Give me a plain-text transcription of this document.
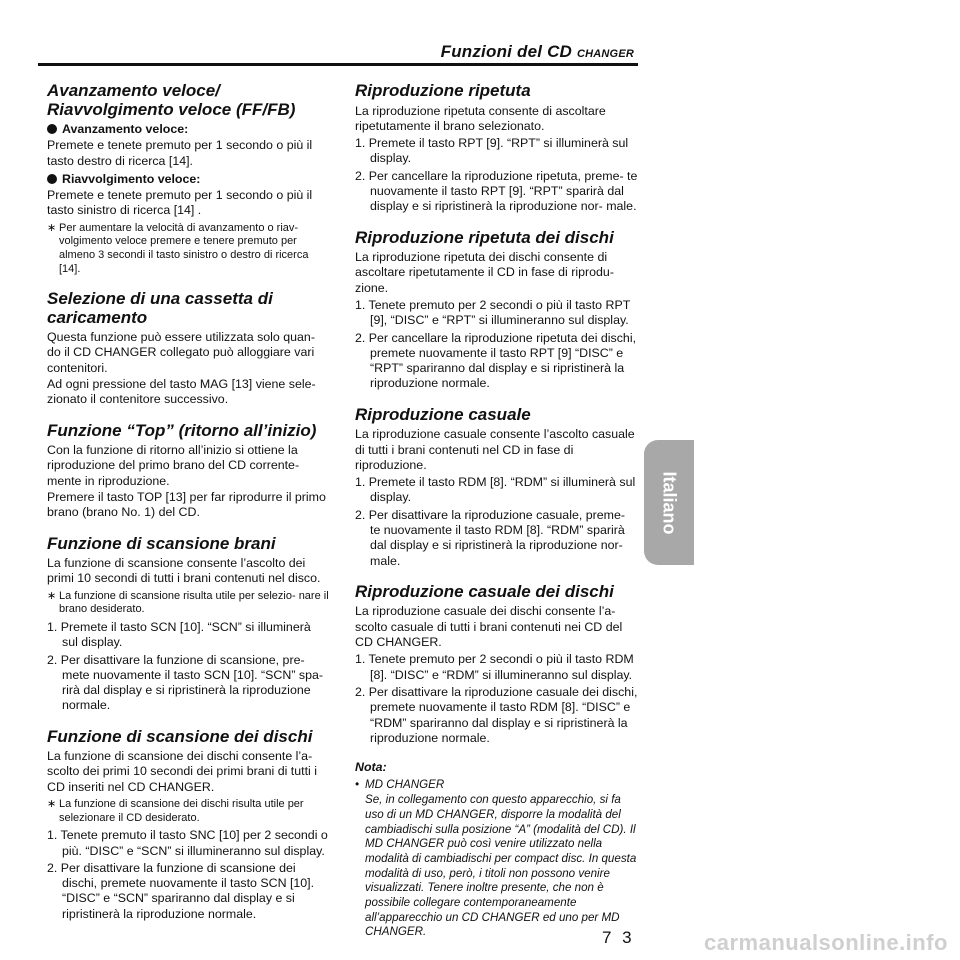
Funzioni del CD CHANGER
Avanzamento veloce/ Riavvolgimento veloce (FF/FB)
Avanzamento veloce:

Premete e tenete premuto per 1 secondo o più il tasto destro di ricerca [14].

Riavvolgimento veloce:

Premete e tenete premuto per 1 secondo o più il tasto sinistro di ricerca [14] .

∗ Per aumentare la velocità di avanzamento o riav- volgimento veloce premere e tenere premuto per almeno 3 secondi il tasto sinistro o destro di ricerca [14].
Selezione di una cassetta di caricamento

Questa funzione può essere utilizzata solo quan- do il CD CHANGER collegato può alloggiare vari contenitori.

Ad ogni pressione del tasto MAG [13] viene sele- zionato il contenitore successivo.

Funzione “Top” (ritorno all’inizio)

Con la funzione di ritorno all’inizio si ottiene la riproduzione del primo brano del CD corrente- mente in riproduzione.

Premere il tasto TOP [13] per far riprodurre il primo brano (brano No. 1) del CD.

Funzione di scansione brani

La funzione di scansione consente l’ascolto dei primi 10 secondi di tutti i brani contenuti nel disco.

∗ La funzione di scansione risulta utile per selezio- nare il brano desiderato.
1. Premete il tasto SCN [10]. “SCN” si illuminerà sul display.
2. Per disattivare la funzione di scansione, pre- mete nuovamente il tasto SCN [10]. “SCN” spa- rirà dal display e si ripristinerà la riproduzione normale.
Funzione di scansione dei dischi

La funzione di scansione dei dischi consente l’a- scolto dei primi 10 secondi dei primi brani di tutti i CD inseriti nel CD CHANGER.

∗ La funzione di scansione dei dischi risulta utile per selezionare il CD desiderato.
1. Tenete premuto il tasto SNC [10] per 2 secondi o più. “DISC” e “SCN” si illumineranno sul display.
2. Per disattivare la funzione di scansione dei dischi, premete nuovamente il tasto SCN [10]. “DISC” e “SCN” spariranno dal display e si ripristinerà la riproduzione normale.
Riproduzione ripetuta

La riproduzione ripetuta consente di ascoltare ripetutamente il brano selezionato.

1. Premete il tasto RPT [9]. “RPT” si illuminerà sul display.
2. Per cancellare la riproduzione ripetuta, preme- te nuovamente il tasto RPT [9]. “RPT” sparirà dal display e si ripristinerà la riproduzione nor- male.
Riproduzione ripetuta dei dischi

La riproduzione ripetuta dei dischi consente di ascoltare ripetutamente il CD in fase di riprodu- zione.

1. Tenete premuto per 2 secondi o più il tasto RPT [9], “DISC” e “RPT” si illumineranno sul display.
2. Per cancellare la riproduzione ripetuta dei dischi, premete nuovamente il tasto RPT [9] “DISC” e “RPT” spariranno dal display e si ripristinerà la riproduzione normale.
Riproduzione casuale

La riproduzione casuale consente l’ascolto casuale di tutti i brani contenuti nel CD in fase di riproduzione.

1. Premete il tasto RDM [8]. “RDM” si illuminerà sul display.
2. Per disattivare la riproduzione casuale, preme- te nuovamente il tasto RDM [8]. “RDM” sparirà dal display e si ripristinerà la riproduzione nor- male.
Riproduzione casuale dei dischi

La riproduzione casuale dei dischi consente l’a- scolto casuale di tutti i brani contenuti nei CD del CD CHANGER.

1. Tenete premuto per 2 secondi o più il tasto RDM [8]. “DISC” e “RDM” si illumineranno sul display.
2. Per disattivare la riproduzione casuale dei dischi, premete nuovamente il tasto RDM [8]. “DISC” e “RDM” spariranno dal display e si ripristinerà la riproduzione normale.
Nota:
• MD CHANGER
Se, in collegamento con questo apparecchio, si fa uso di un MD CHANGER, disporre la modalità del cambiadischi sulla posizione “A” (modalità del CD). Il MD CHANGER può così venire utilizzato nella modalità di cambiadischi per compact disc. In questa modalità di uso, però, i titoli non possono venire visualizzati. Tenere inoltre presente, che non è possibile collegare contemporaneamente all’apparecchio un CD CHANGER ed uno per MD CHANGER.
Italiano
7 3	carmanualsonline.info
